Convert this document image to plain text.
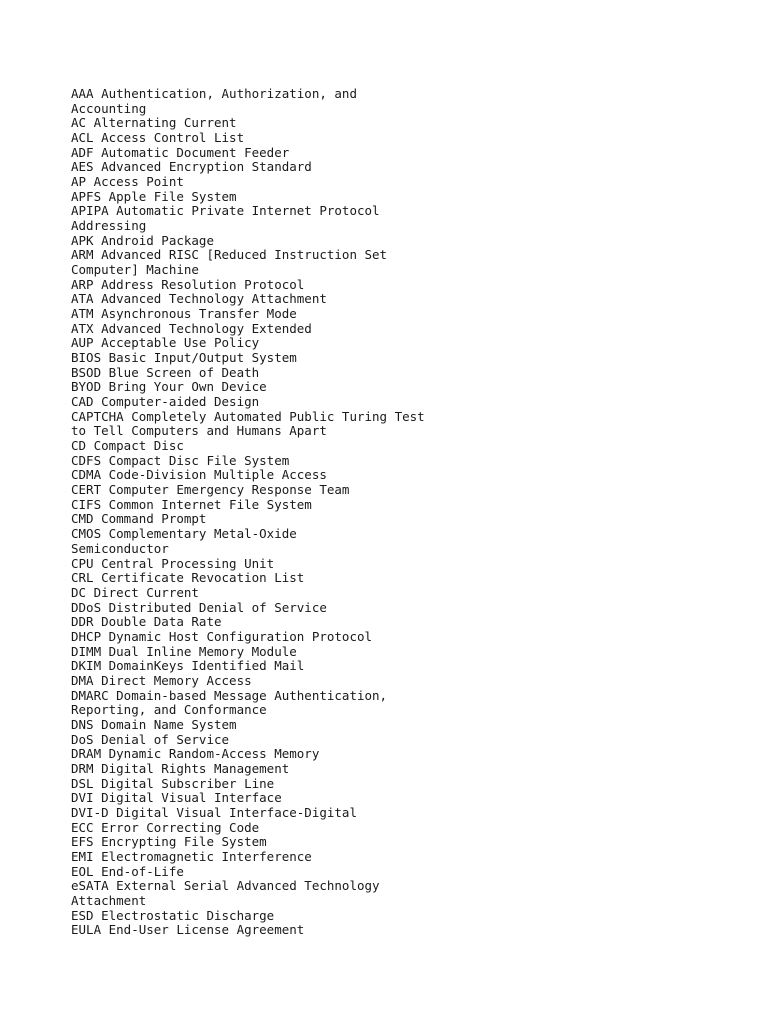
AAA Authentication, Authorization, and
Accounting
AC Alternating Current
ACL Access Control List
ADF Automatic Document Feeder
AES Advanced Encryption Standard
AP Access Point
APFS Apple File System
APIPA Automatic Private Internet Protocol
Addressing
APK Android Package
ARM Advanced RISC [Reduced Instruction Set
Computer] Machine
ARP Address Resolution Protocol
ATA Advanced Technology Attachment
ATM Asynchronous Transfer Mode
ATX Advanced Technology Extended
AUP Acceptable Use Policy
BIOS Basic Input/Output System
BSOD Blue Screen of Death
BYOD Bring Your Own Device
CAD Computer-aided Design
CAPTCHA Completely Automated Public Turing Test
to Tell Computers and Humans Apart
CD Compact Disc
CDFS Compact Disc File System
CDMA Code-Division Multiple Access
CERT Computer Emergency Response Team
CIFS Common Internet File System
CMD Command Prompt
CMOS Complementary Metal-Oxide
Semiconductor
CPU Central Processing Unit
CRL Certificate Revocation List
DC Direct Current
DDoS Distributed Denial of Service
DDR Double Data Rate
DHCP Dynamic Host Configuration Protocol
DIMM Dual Inline Memory Module
DKIM DomainKeys Identified Mail
DMA Direct Memory Access
DMARC Domain-based Message Authentication,
Reporting, and Conformance
DNS Domain Name System
DoS Denial of Service
DRAM Dynamic Random-Access Memory
DRM Digital Rights Management
DSL Digital Subscriber Line
DVI Digital Visual Interface
DVI-D Digital Visual Interface-Digital
ECC Error Correcting Code
EFS Encrypting File System
EMI Electromagnetic Interference
EOL End-of-Life
eSATA External Serial Advanced Technology
Attachment
ESD Electrostatic Discharge
EULA End-User License Agreement
